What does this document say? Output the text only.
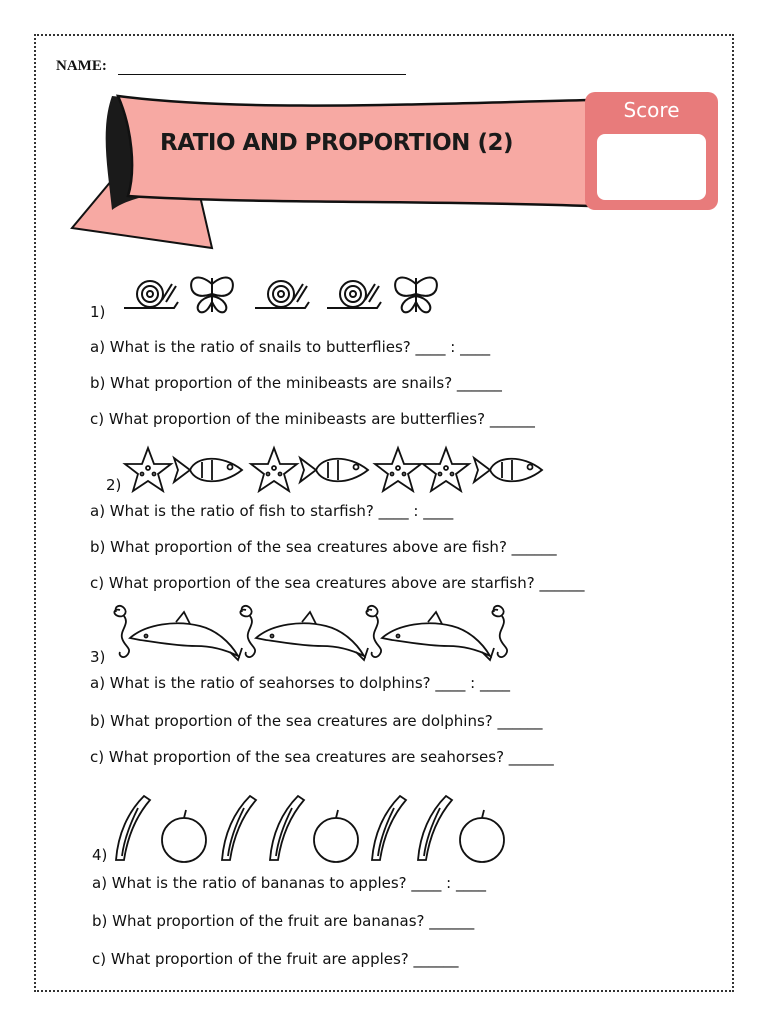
NAME:
RATIO AND PROPORTION (2)
Score
1)
a) What is the ratio of snails to butterflies? ____ : ____
b) What proportion of the minibeasts are snails? ______
c) What proportion of the minibeasts are butterflies? ______
2)
a) What is the ratio of fish to starfish? ____ : ____
b) What proportion of the sea creatures above are fish? ______
c) What proportion of the sea creatures above are starfish? ______
3)
a) What is the ratio of seahorses to dolphins? ____ : ____
b) What proportion of the sea creatures are dolphins? ______
c) What proportion of the sea creatures are seahorses? ______
4)
a) What is the ratio of bananas to apples? ____ : ____
b) What proportion of the fruit are bananas? ______
c) What proportion of the fruit are apples? ______
